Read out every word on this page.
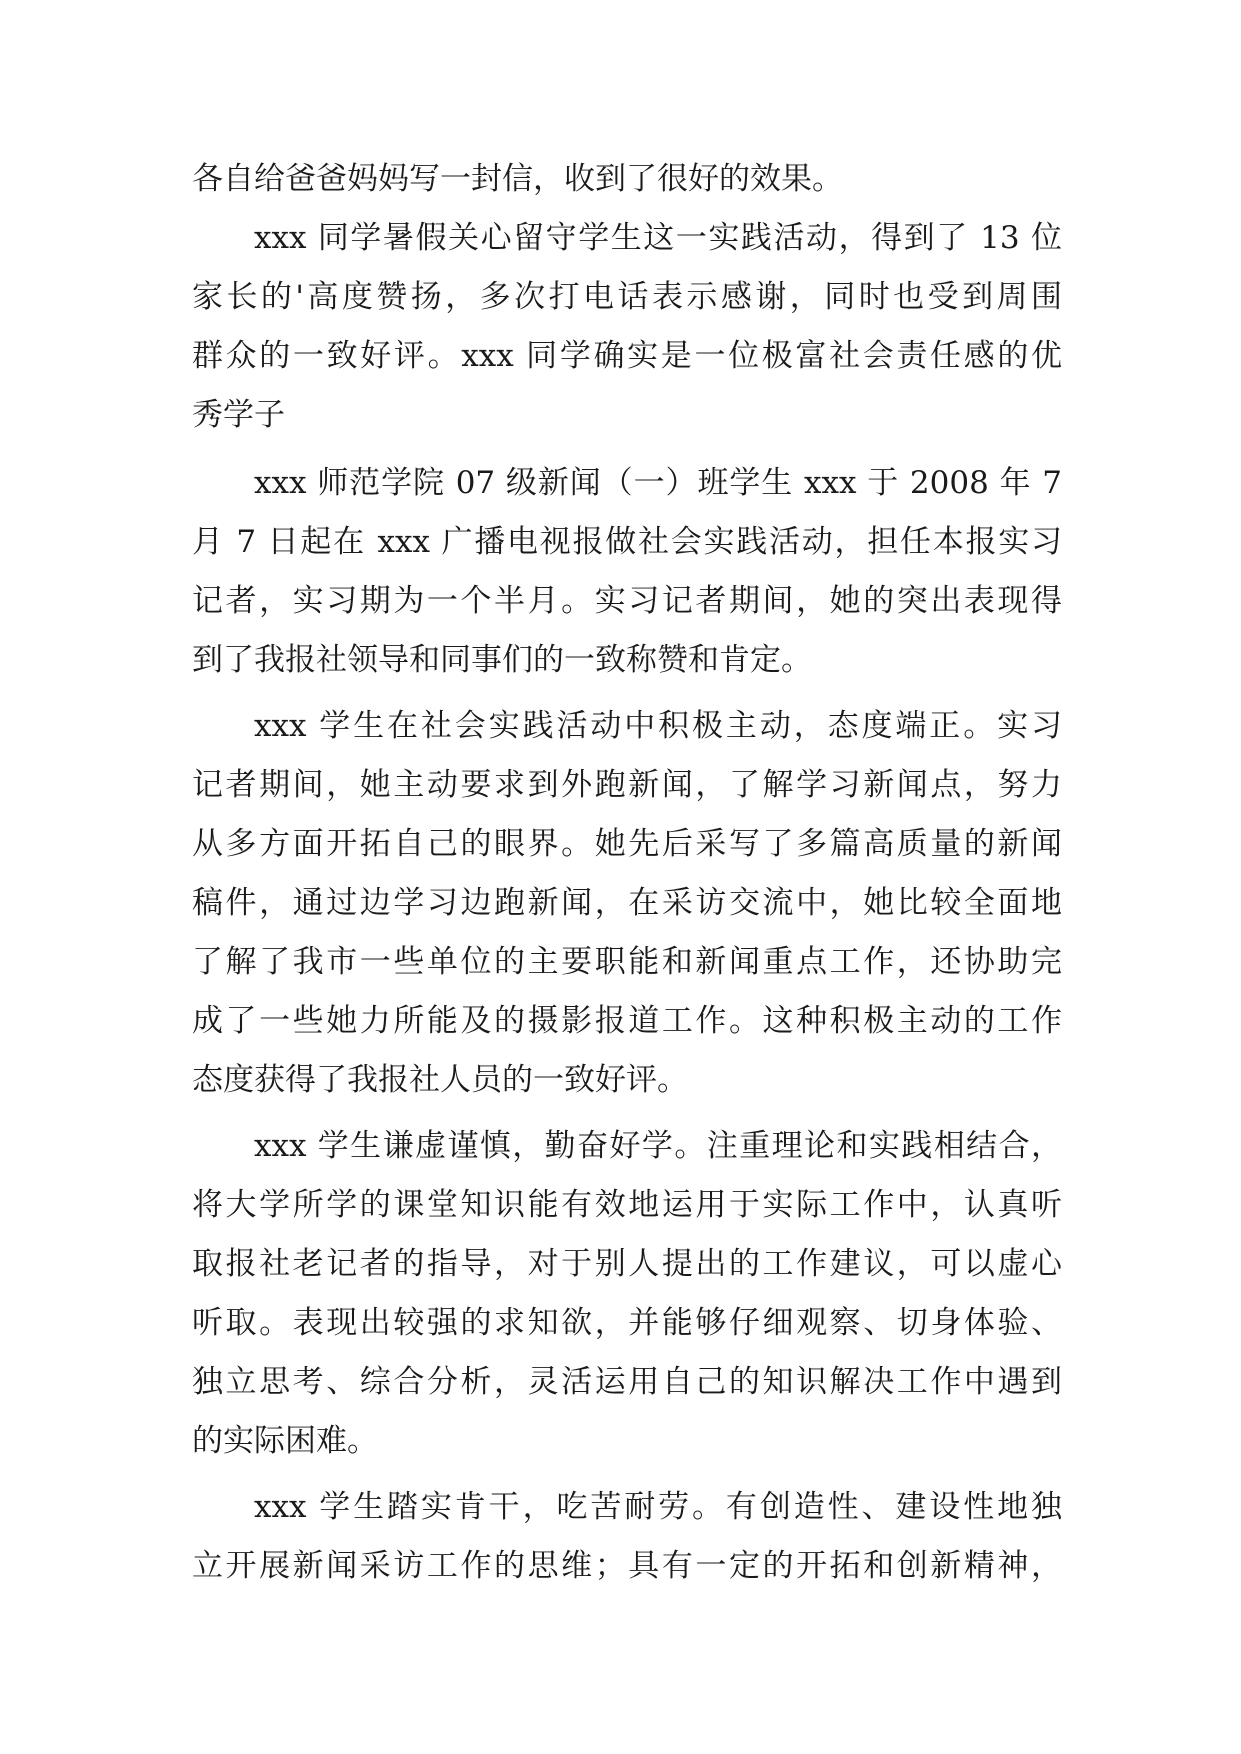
各自给爸爸妈妈写一封信，收到了很好的效果。
xxx 同学暑假关心留守学生这一实践活动，得到了 13 位
家长的'高度赞扬，多次打电话表示感谢，同时也受到周围
群众的一致好评。xxx 同学确实是一位极富社会责任感的优
秀学子
xxx 师范学院 07 级新闻（一）班学生 xxx 于 2008 年 7
月 7 日起在 xxx 广播电视报做社会实践活动，担任本报实习
记者，实习期为一个半月。实习记者期间，她的突出表现得
到了我报社领导和同事们的一致称赞和肯定。
xxx 学生在社会实践活动中积极主动，态度端正。实习
记者期间，她主动要求到外跑新闻，了解学习新闻点，努力
从多方面开拓自己的眼界。她先后采写了多篇高质量的新闻
稿件，通过边学习边跑新闻，在采访交流中，她比较全面地
了解了我市一些单位的主要职能和新闻重点工作，还协助完
成了一些她力所能及的摄影报道工作。这种积极主动的工作
态度获得了我报社人员的一致好评。
xxx 学生谦虚谨慎，勤奋好学。注重理论和实践相结合，
将大学所学的课堂知识能有效地运用于实际工作中，认真听
取报社老记者的指导，对于别人提出的工作建议，可以虚心
听取。表现出较强的求知欲，并能够仔细观察、切身体验、
独立思考、综合分析，灵活运用自己的知识解决工作中遇到
的实际困难。
xxx 学生踏实肯干，吃苦耐劳。有创造性、建设性地独
立开展新闻采访工作的思维；具有一定的开拓和创新精神，
